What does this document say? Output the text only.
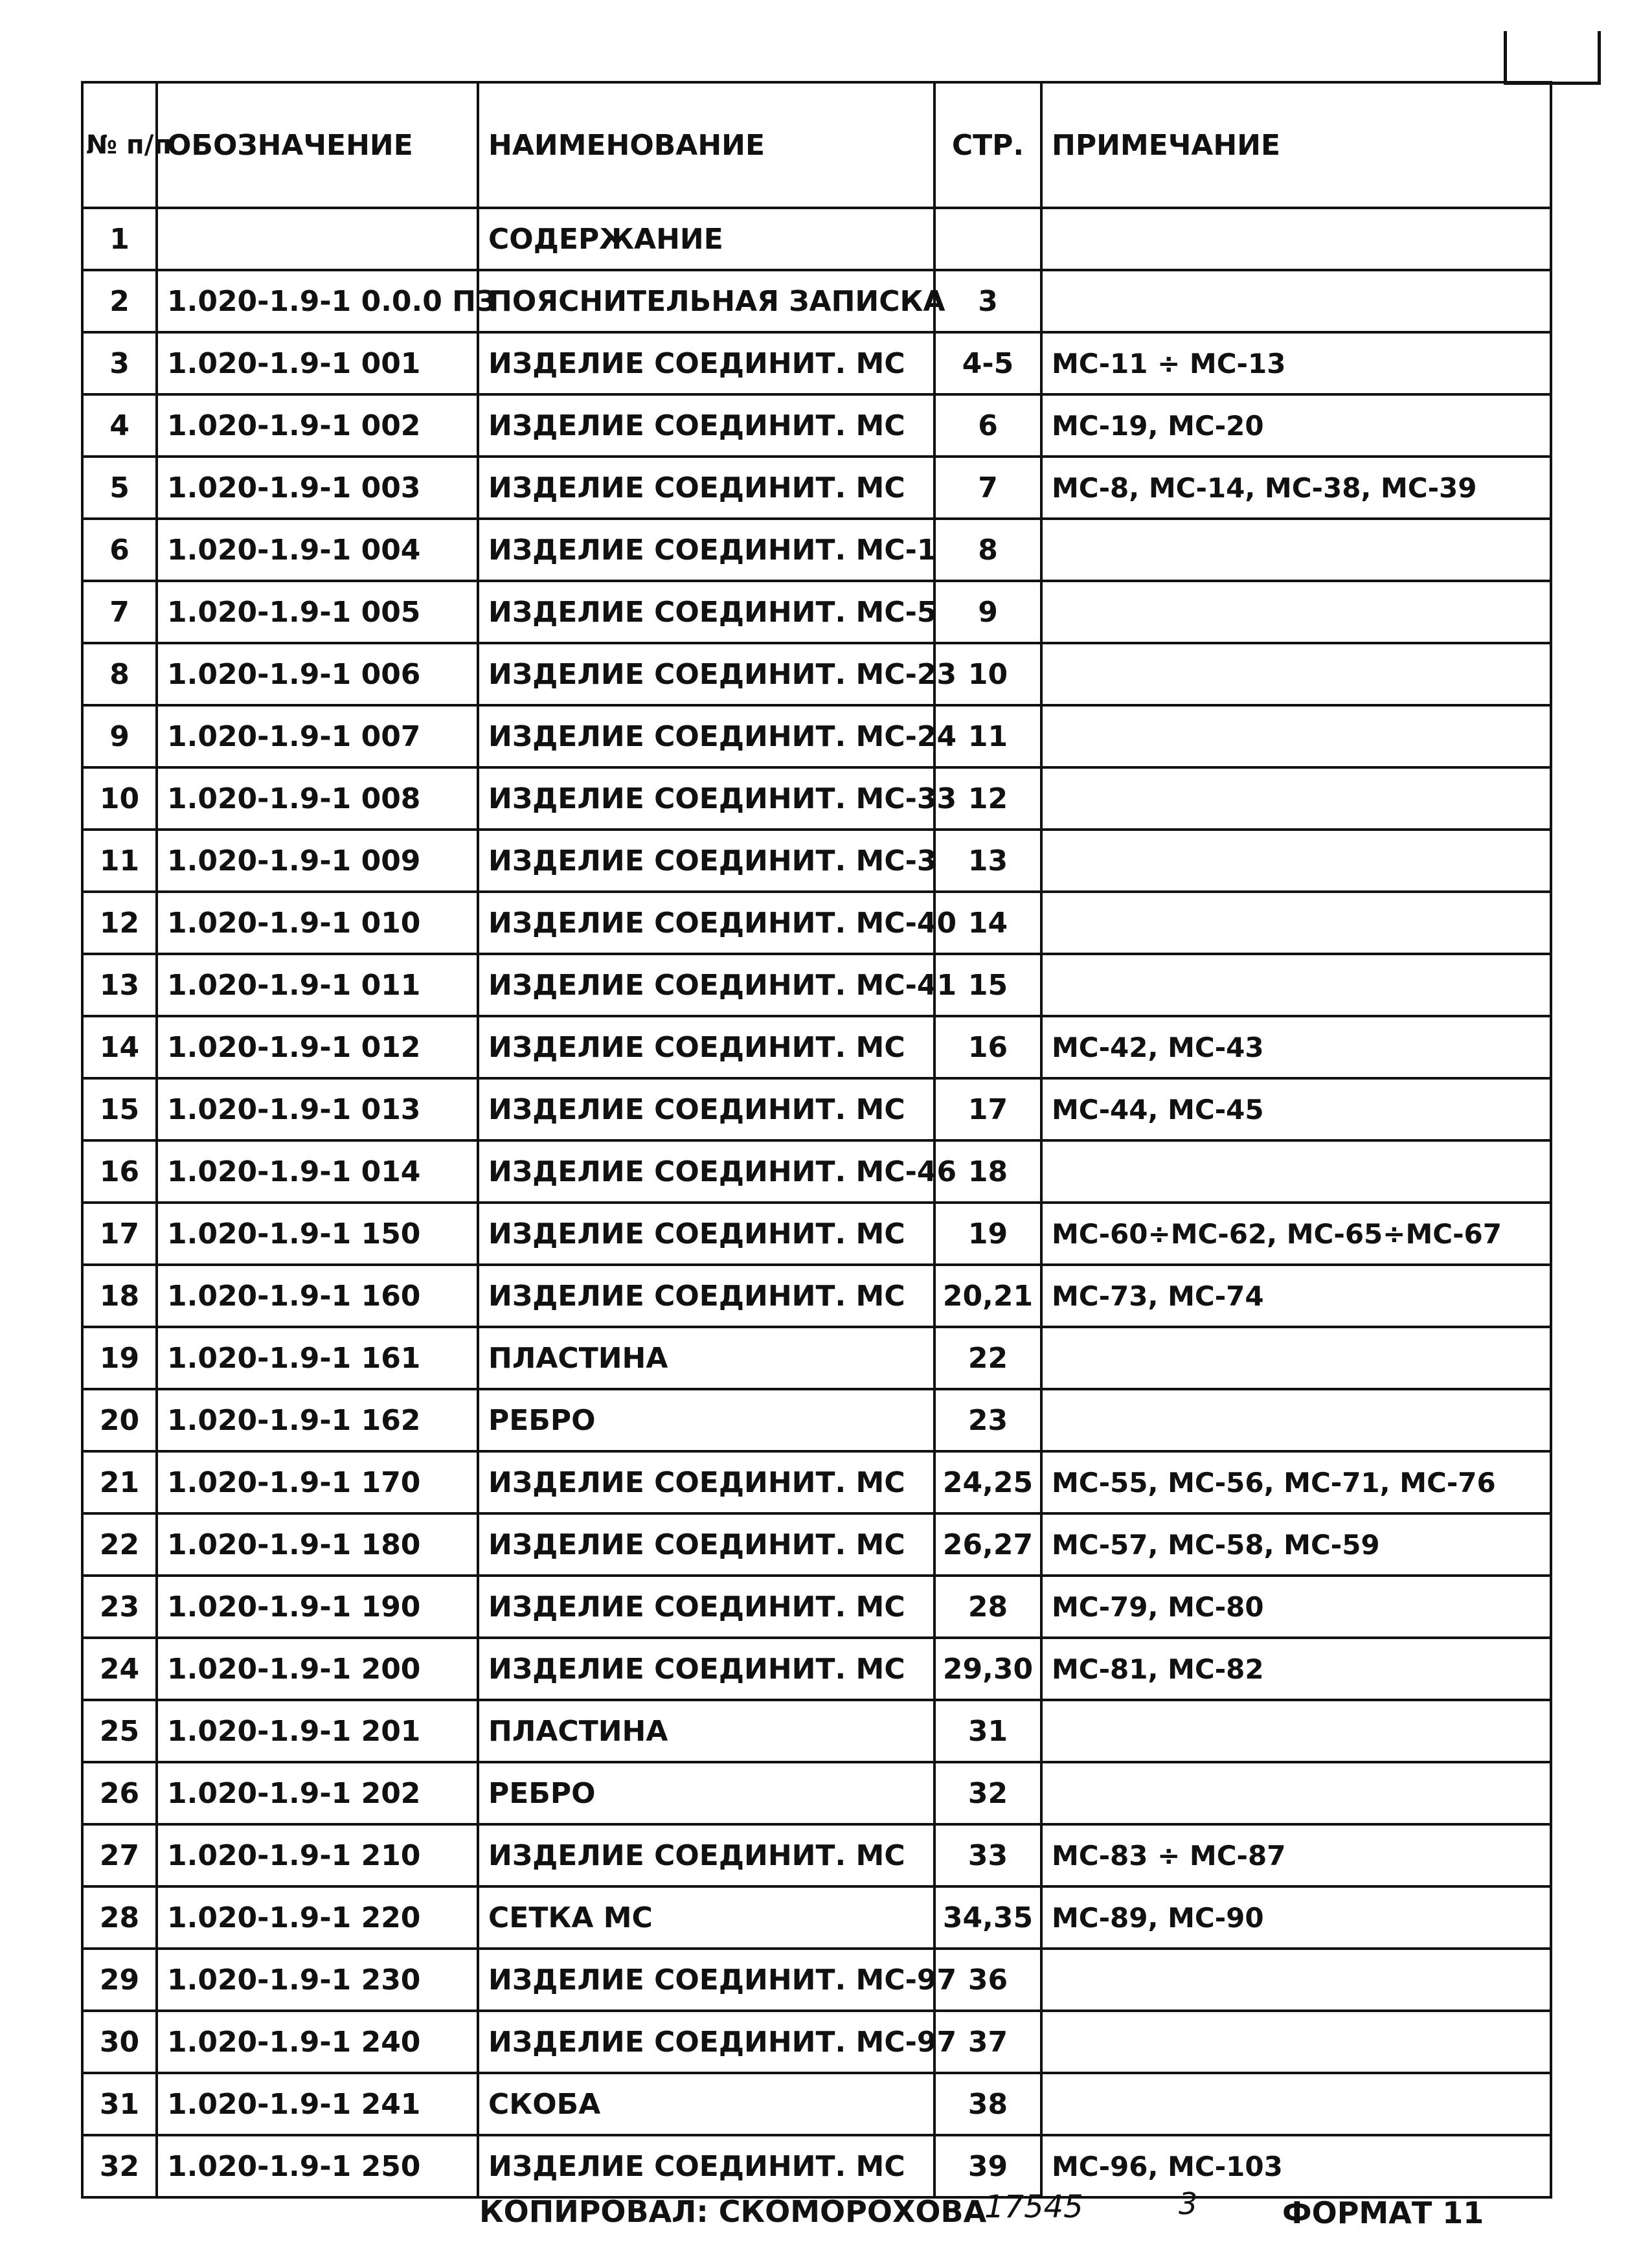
№ п/п	ОБОЗНАЧЕНИЕ	НАИМЕНОВАНИЕ	СТР.	ПРИМЕЧАНИЕ
1		СОДЕРЖАНИЕ		
2	1.020-1.9-1 0.0.0 ПЗ	ПОЯСНИТЕЛЬНАЯ ЗАПИСКА	3	
3	1.020-1.9-1 001	ИЗДЕЛИЕ СОЕДИНИТ. МС	4-5	МС-11 ÷ МС-13
4	1.020-1.9-1 002	ИЗДЕЛИЕ СОЕДИНИТ. МС	6	МС-19, МС-20
5	1.020-1.9-1 003	ИЗДЕЛИЕ СОЕДИНИТ. МС	7	МС-8, МС-14, МС-38, МС-39
6	1.020-1.9-1 004	ИЗДЕЛИЕ СОЕДИНИТ. МС-1	8	
7	1.020-1.9-1 005	ИЗДЕЛИЕ СОЕДИНИТ. МС-5	9	
8	1.020-1.9-1 006	ИЗДЕЛИЕ СОЕДИНИТ. МС-23	10	
9	1.020-1.9-1 007	ИЗДЕЛИЕ СОЕДИНИТ. МС-24	11	
10	1.020-1.9-1 008	ИЗДЕЛИЕ СОЕДИНИТ. МС-33	12	
11	1.020-1.9-1 009	ИЗДЕЛИЕ СОЕДИНИТ. МС-3	13	
12	1.020-1.9-1 010	ИЗДЕЛИЕ СОЕДИНИТ. МС-40	14	
13	1.020-1.9-1 011	ИЗДЕЛИЕ СОЕДИНИТ. МС-41	15	
14	1.020-1.9-1 012	ИЗДЕЛИЕ СОЕДИНИТ. МС	16	МС-42, МС-43
15	1.020-1.9-1 013	ИЗДЕЛИЕ СОЕДИНИТ. МС	17	МС-44, МС-45
16	1.020-1.9-1 014	ИЗДЕЛИЕ СОЕДИНИТ. МС-46	18	
17	1.020-1.9-1 150	ИЗДЕЛИЕ СОЕДИНИТ. МС	19	МС-60÷МС-62, МС-65÷МС-67
18	1.020-1.9-1 160	ИЗДЕЛИЕ СОЕДИНИТ. МС	20,21	МС-73, МС-74
19	1.020-1.9-1 161	ПЛАСТИНА	22	
20	1.020-1.9-1 162	РЕБРО	23	
21	1.020-1.9-1 170	ИЗДЕЛИЕ СОЕДИНИТ. МС	24,25	МС-55, МС-56, МС-71, МС-76
22	1.020-1.9-1 180	ИЗДЕЛИЕ СОЕДИНИТ. МС	26,27	МС-57, МС-58, МС-59
23	1.020-1.9-1 190	ИЗДЕЛИЕ СОЕДИНИТ. МС	28	МС-79, МС-80
24	1.020-1.9-1 200	ИЗДЕЛИЕ СОЕДИНИТ. МС	29,30	МС-81, МС-82
25	1.020-1.9-1 201	ПЛАСТИНА	31	
26	1.020-1.9-1 202	РЕБРО	32	
27	1.020-1.9-1 210	ИЗДЕЛИЕ СОЕДИНИТ. МС	33	МС-83 ÷ МС-87
28	1.020-1.9-1 220	СЕТКА МС	34,35	МС-89, МС-90
29	1.020-1.9-1 230	ИЗДЕЛИЕ СОЕДИНИТ. МС-97	36	
30	1.020-1.9-1 240	ИЗДЕЛИЕ СОЕДИНИТ. МС-97	37	
31	1.020-1.9-1 241	СКОБА	38	
32	1.020-1.9-1 250	ИЗДЕЛИЕ СОЕДИНИТ. МС	39	МС-96, МС-103
КОПИРОВАЛ: СКОМОРОХОВА
17545	3	ФОРМАТ 11
